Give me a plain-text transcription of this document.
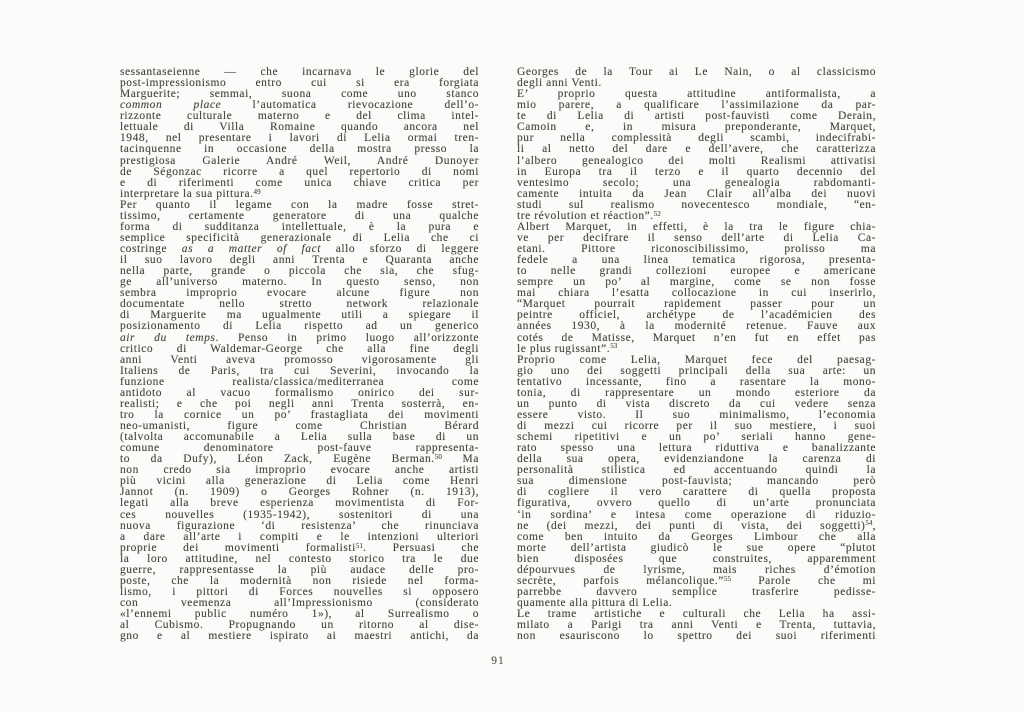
sessantaseienne — che incarnava le glorie del
post-impressionismo entro cui si era forgiata
Marguerite; semmai, suona come uno stanco
common place l’automatica rievocazione dell’o-
rizzonte culturale materno e del clima intel-
lettuale di Villa Romaine quando ancora nel
1948, nel presentare i lavori di Lelia ormai tren-
tacinquenne in occasione della mostra presso la
prestigiosa Galerie André Weil, André Dunoyer
de Ségonzac ricorre a quel repertorio di nomi
e di riferimenti come unica chiave critica per
interpretare la sua pittura.$^{49}$
Per quanto il legame con la madre fosse stret-
tissimo, certamente generatore di una qualche
forma di sudditanza intellettuale, è la pura e
semplice specificità generazionale di Lelia che ci
costringe as a matter of fact allo sforzo di leggere
il suo lavoro degli anni Trenta e Quaranta anche
nella parte, grande o piccola che sia, che sfug-
ge all’universo materno. In questo senso, non
sembra improprio evocare alcune figure non
documentate nello stretto network relazionale
di Marguerite ma ugualmente utili a spiegare il
posizionamento di Lelia rispetto ad un generico
air du temps. Penso in primo luogo all’orizzonte
critico di Waldemar-George che alla fine degli
anni Venti aveva promosso vigorosamente gli
Italiens de Paris, tra cui Severini, invocando la
funzione realista/classica/mediterranea come
antidoto al vacuo formalismo onirico dei sur-
realisti; e che poi negli anni Trenta sosterrà, en-
tro la cornice un po’ frastagliata dei movimenti
neo-umanisti, figure come Christian Bérard
(talvolta accomunabile a Lelia sulla base di un
comune denominatore post-fauve rappresenta-
to da Dufy), Léon Zack, Eugène Berman.$^{50}$ Ma
non credo sia improprio evocare anche artisti
più vicini alla generazione di Lelia come Henri
Jannot (n. 1909) o Georges Rohner (n. 1913),
legati alla breve esperienza movimentista di For-
ces nouvelles (1935-1942), sostenitori di una
nuova figurazione ‘di resistenza’ che rinunciava
a dare all’arte i compiti e le intenzioni ulteriori
proprie dei movimenti formalisti$^{51}$. Persuasi che
la loro attitudine, nel contesto storico tra le due
guerre, rappresentasse la più audace delle pro-
poste, che la modernità non risiede nel forma-
lismo, i pittori di Forces nouvelles si opposero
con veemenza all’Impressionismo (considerato
«l’ennemi public numéro 1»), al Surrealismo o
al Cubismo. Propugnando un ritorno al dise-
gno e al mestiere ispirato ai maestri antichi, da
Georges de la Tour ai Le Nain, o al classicismo
degli anni Venti.
E’ proprio questa attitudine antiformalista, a
mio parere, a qualificare l’assimilazione da par-
te di Lelia di artisti post-fauvisti come Derain,
Camoin e, in misura preponderante, Marquet,
pur nella complessità degli scambi, indecifrabi-
li al netto del dare e dell’avere, che caratterizza
l’albero genealogico dei molti Realismi attivatisi
in Europa tra il terzo e il quarto decennio del
ventesimo secolo; una genealogia rabdomanti-
camente intuita da Jean Clair all’alba dei nuovi
studi sul realismo novecentesco mondiale, “en-
tre révolution et réaction”.$^{52}$
Albert Marquet, in effetti, è la tra le figure chia-
ve per decifrare il senso dell’arte di Lelia Ca-
etani. Pittore riconoscibilissimo, prolisso ma
fedele a una linea tematica rigorosa, presenta-
to nelle grandi collezioni europee e americane
sempre un po’ al margine, come se non fosse
mai chiara l’esatta collocazione in cui inserirlo,
“Marquet pourrait rapidement passer pour un
peintre officiel, archétype de l’académicien des
années 1930, à la modernité retenue. Fauve aux
cotés de Matisse, Marquet n’en fut en effet pas
le plus rugissant”.$^{53}$
Proprio come Lelia, Marquet fece del paesag-
gio uno dei soggetti principali della sua arte: un
tentativo incessante, fino a rasentare la mono-
tonia, di rappresentare un mondo esteriore da
un punto di vista discreto da cui vedere senza
essere visto. Il suo minimalismo, l’economia
di mezzi cui ricorre per il suo mestiere, i suoi
schemi ripetitivi e un po’ seriali hanno gene-
rato spesso una lettura riduttiva e banalizzante
della sua opera, evidenziandone la carenza di
personalità stilistica ed accentuando quindi la
sua dimensione post-fauvista; mancando però
di cogliere il vero carattere di quella proposta
figurativa, ovvero quello di un’arte pronunciata
‘in sordina’ e intesa come operazione di riduzio-
ne (dei mezzi, dei punti di vista, dei soggetti)$^{54}$,
come ben intuito da Georges Limbour che alla
morte dell’artista giudicò le sue opere “plutot
bien disposées que construites, apparemment
dépourvues de lyrisme, mais riches d’émotion
secrète, parfois mélancolique.”$^{55}$ Parole che mi
parrebbe davvero semplice trasferire pedisse-
quamente alla pittura di Lelia.
Le trame artistiche e culturali che Lelia ha assi-
milato a Parigi tra anni Venti e Trenta, tuttavia,
non esauriscono lo spettro dei suoi riferimenti
91
